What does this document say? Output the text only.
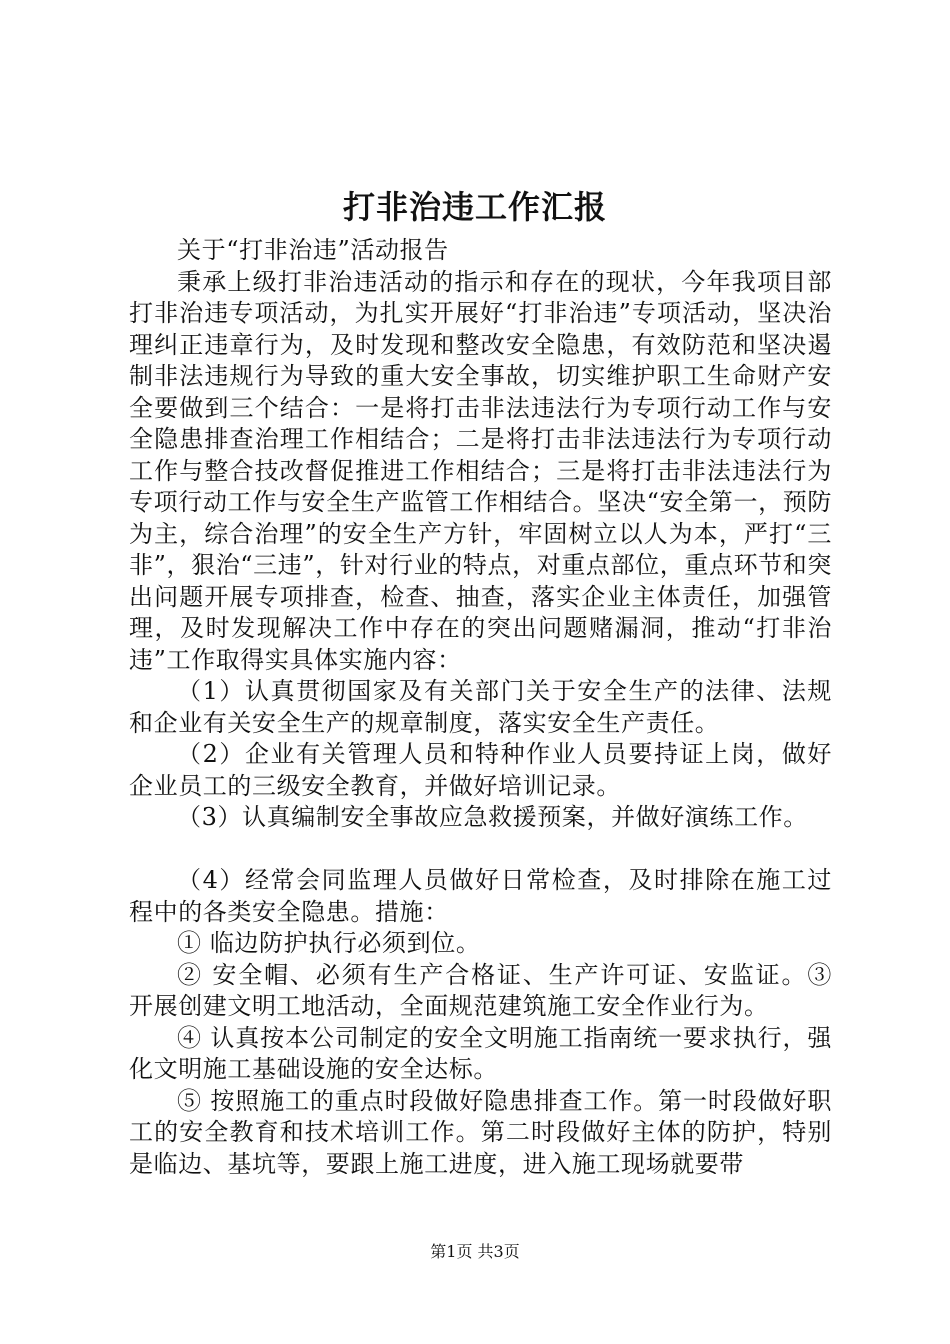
打非治违工作汇报

关于“打非治违”活动报告

秉承上级打非治违活动的指示和存在的现状，今年我项目部打非治违专项活动，为扎实开展好“打非治违”专项活动，坚决治理纠正违章行为，及时发现和整改安全隐患，有效防范和坚决遏制非法违规行为导致的重大安全事故，切实维护职工生命财产安全要做到三个结合：一是将打击非法违法行为专项行动工作与安全隐患排查治理工作相结合；二是将打击非法违法行为专项行动工作与整合技改督促推进工作相结合；三是将打击非法违法行为专项行动工作与安全生产监管工作相结合。坚决“安全第一，预防为主，综合治理”的安全生产方针，牢固树立以人为本，严打“三非”，狠治“三违”，针对行业的特点，对重点部位，重点环节和突出问题开展专项排查，检查、抽查，落实企业主体责任，加强管理，及时发现解决工作中存在的突出问题赌漏洞，推动“打非治违”工作取得实具体实施内容：

（1）认真贯彻国家及有关部门关于安全生产的法律、法规和企业有关安全生产的规章制度，落实安全生产责任。

（2）企业有关管理人员和特种作业人员要持证上岗，做好企业员工的三级安全教育，并做好培训记录。

（3）认真编制安全事故应急救援预案，并做好演练工作。

（4）经常会同监理人员做好日常检查，及时排除在施工过程中的各类安全隐患。措施：

① 临边防护执行必须到位。

② 安全帽、必须有生产合格证、生产许可证、安监证。③ 开展创建文明工地活动，全面规范建筑施工安全作业行为。

④ 认真按本公司制定的安全文明施工指南统一要求执行，强化文明施工基础设施的安全达标。

⑤ 按照施工的重点时段做好隐患排查工作。第一时段做好职工的安全教育和技术培训工作。第二时段做好主体的防护，特别是临边、基坑等，要跟上施工进度，进入施工现场就要带

第1页 共3页
